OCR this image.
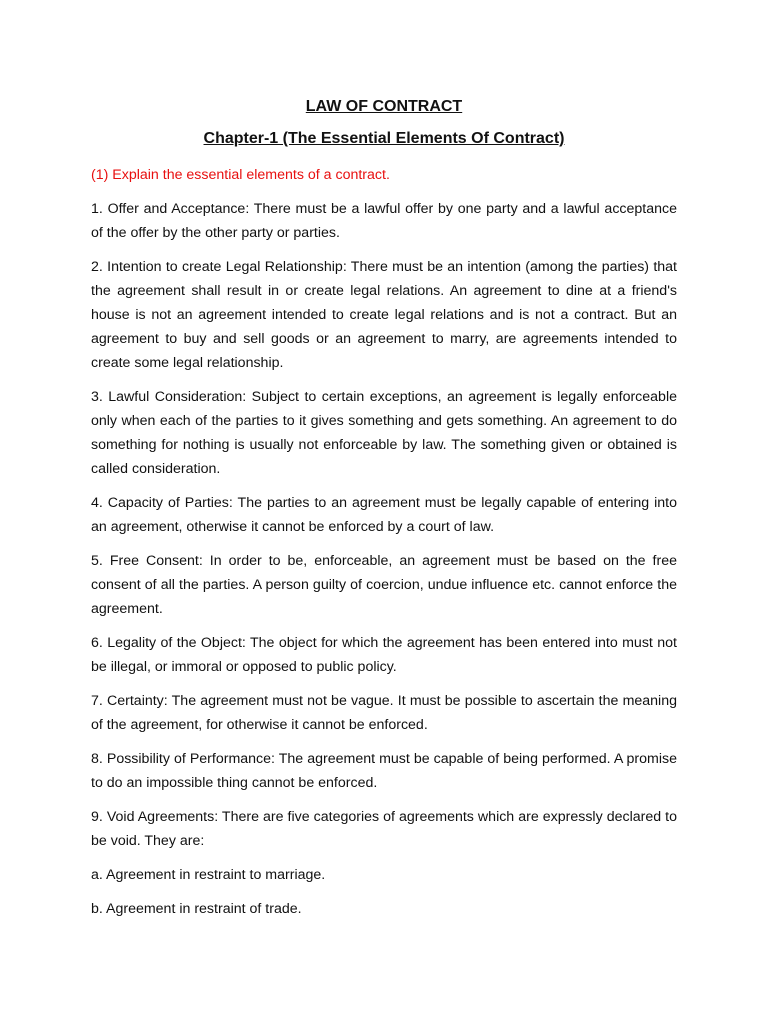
LAW OF CONTRACT
Chapter-1 (The Essential Elements Of Contract)
(1) Explain the essential elements of a contract.

1. Offer and Acceptance: There must be a lawful offer by one party and a lawful acceptance of the offer by the other party or parties.

2. Intention to create Legal Relationship: There must be an intention (among the parties) that the agreement shall result in or create legal relations. An agreement to dine at a friend's house is not an agreement intended to create legal relations and is not a contract. But an agreement to buy and sell goods or an agreement to marry, are agreements intended to create some legal relationship.

3. Lawful Consideration: Subject to certain exceptions, an agreement is legally enforceable only when each of the parties to it gives something and gets something. An agreement to do something for nothing is usually not enforceable by law. The something given or obtained is called consideration.

4. Capacity of Parties: The parties to an agreement must be legally capable of entering into an agreement, otherwise it cannot be enforced by a court of law.

5. Free Consent: In order to be, enforceable, an agreement must be based on the free consent of all the parties. A person guilty of coercion, undue influence etc. cannot enforce the agreement.

6. Legality of the Object: The object for which the agreement has been entered into must not be illegal, or immoral or opposed to public policy.

7. Certainty: The agreement must not be vague. It must be possible to ascertain the meaning of the agreement, for otherwise it cannot be enforced.

8. Possibility of Performance: The agreement must be capable of being performed. A promise to do an impossible thing cannot be enforced.

9. Void Agreements: There are five categories of agreements which are expressly declared to be void. They are:

a. Agreement in restraint to marriage.
b. Agreement in restraint of trade.
